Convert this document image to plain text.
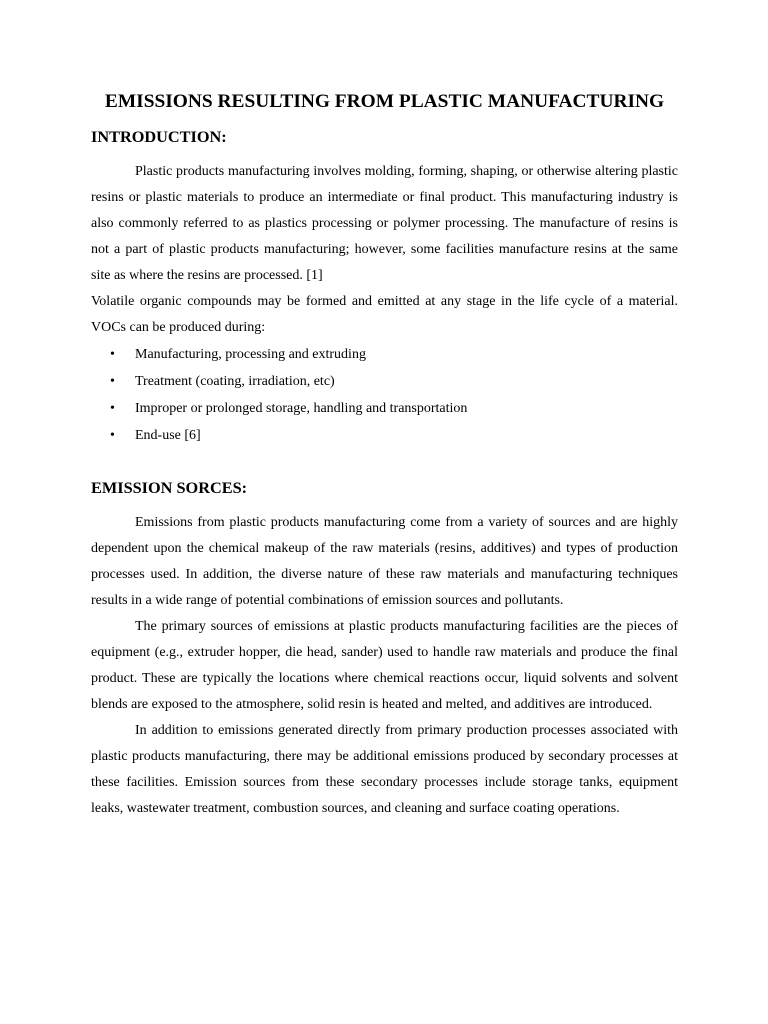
EMISSIONS RESULTING FROM PLASTIC MANUFACTURING
INTRODUCTION:

Plastic products manufacturing involves molding, forming, shaping, or otherwise altering plastic resins or plastic materials to produce an intermediate or final product. This manufacturing industry is also commonly referred to as plastics processing or polymer processing. The manufacture of resins is not a part of plastic products manufacturing; however, some facilities manufacture resins at the same site as where the resins are processed. [1]

Volatile organic compounds may be formed and emitted at any stage in the life cycle of a material. VOCs can be produced during:

• Manufacturing, processing and extruding
• Treatment (coating, irradiation, etc)
• Improper or prolonged storage, handling and transportation
• End-use [6]
EMISSION SORCES:

Emissions from plastic products manufacturing come from a variety of sources and are highly dependent upon the chemical makeup of the raw materials (resins, additives) and types of production processes used. In addition, the diverse nature of these raw materials and manufacturing techniques results in a wide range of potential combinations of emission sources and pollutants.

The primary sources of emissions at plastic products manufacturing facilities are the pieces of equipment (e.g., extruder hopper, die head, sander) used to handle raw materials and produce the final product. These are typically the locations where chemical reactions occur, liquid solvents and solvent blends are exposed to the atmosphere, solid resin is heated and melted, and additives are introduced.

In addition to emissions generated directly from primary production processes associated with plastic products manufacturing, there may be additional emissions produced by secondary processes at these facilities. Emission sources from these secondary processes include storage tanks, equipment leaks, wastewater treatment, combustion sources, and cleaning and surface coating operations.
